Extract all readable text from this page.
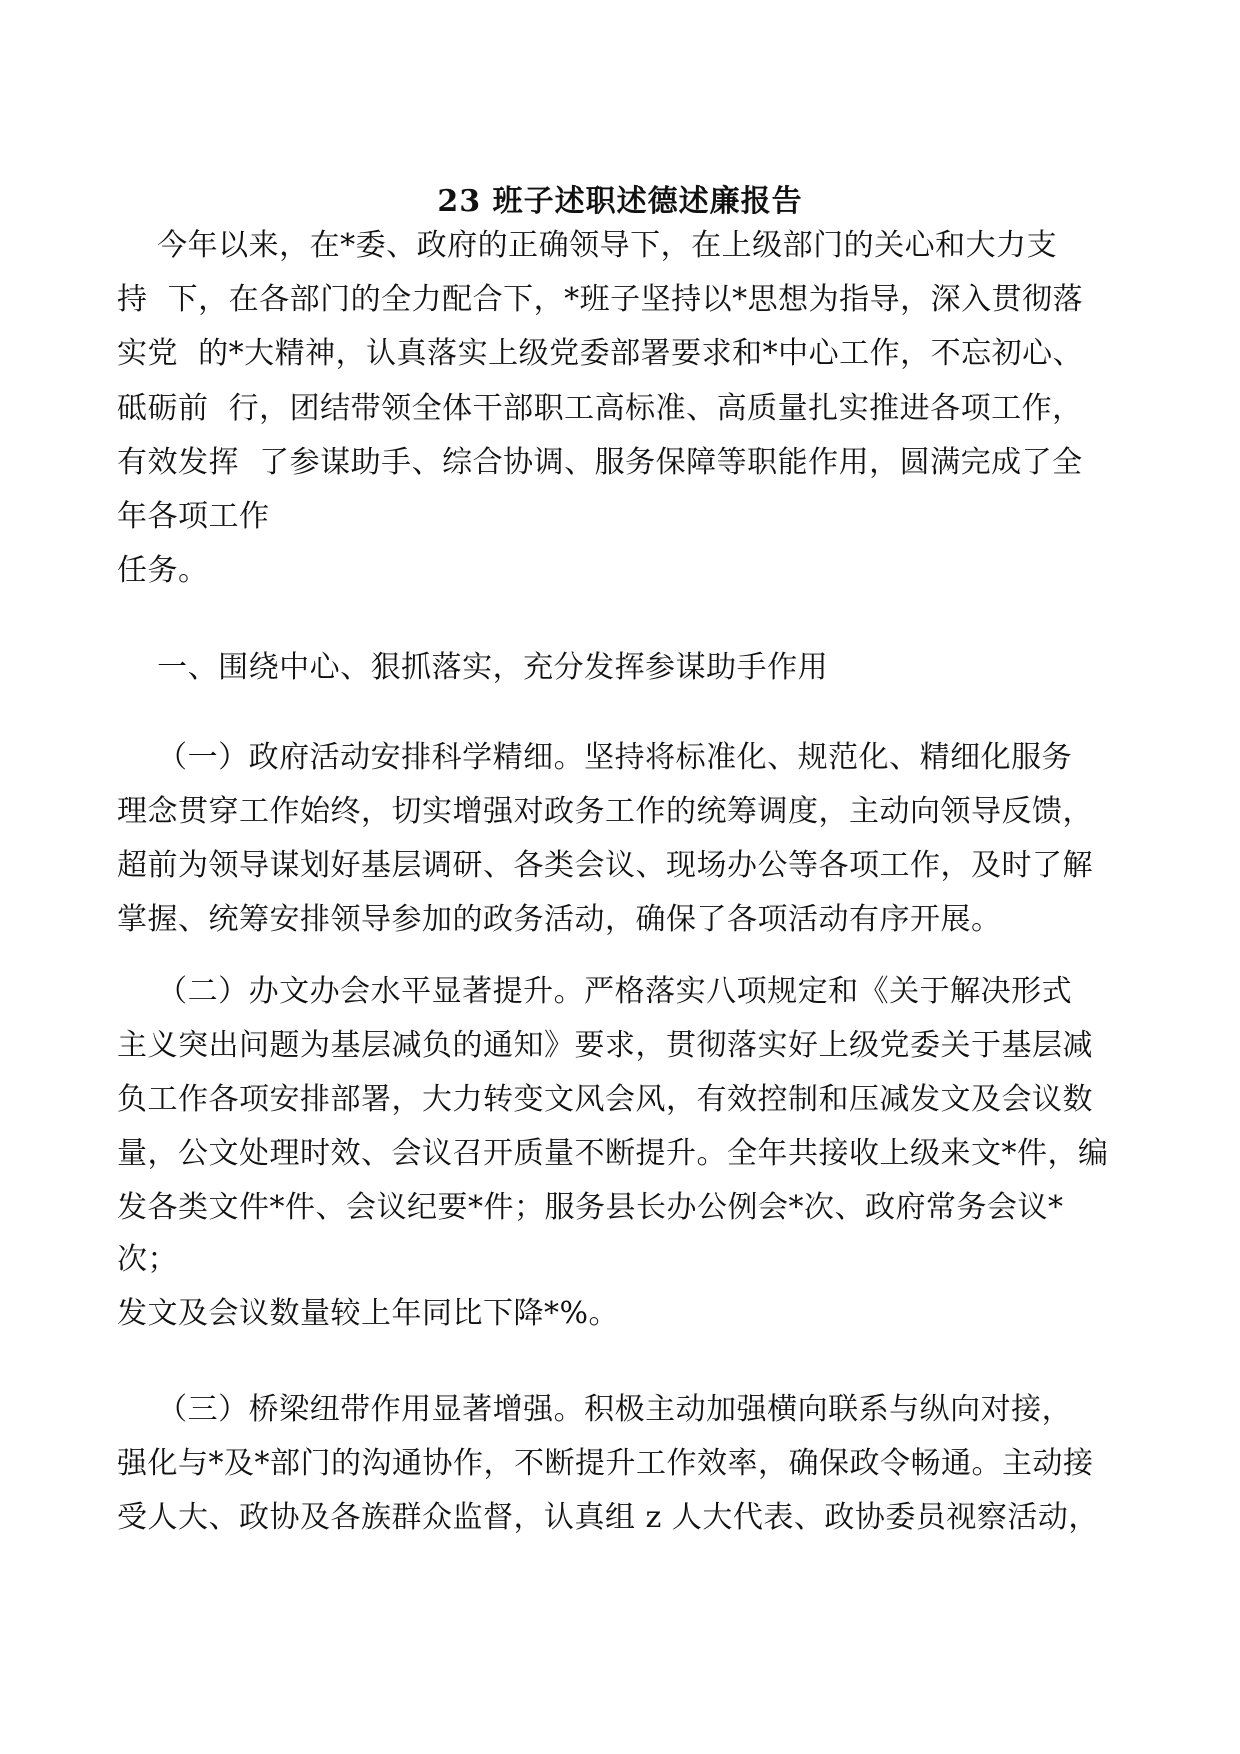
23 班子述职述德述廉报告
今年以来，在*委、政府的正确领导下，在上级部门的关心和大力支
持  下，在各部门的全力配合下，*班子坚持以*思想为指导，深入贯彻落
实党  的*大精神，认真落实上级党委部署要求和*中心工作，不忘初心、
砥砺前  行，团结带领全体干部职工高标准、高质量扎实推进各项工作，
有效发挥  了参谋助手、综合协调、服务保障等职能作用，圆满完成了全
年各项工作
任务。
一、围绕中心、狠抓落实，充分发挥参谋助手作用
（一）政府活动安排科学精细。坚持将标准化、规范化、精细化服务
理念贯穿工作始终，切实增强对政务工作的统筹调度，主动向领导反馈，
超前为领导谋划好基层调研、各类会议、现场办公等各项工作，及时了解
掌握、统筹安排领导参加的政务活动，确保了各项活动有序开展。
（二）办文办会水平显著提升。严格落实八项规定和《关于解决形式
主义突出问题为基层减负的通知》要求，贯彻落实好上级党委关于基层减
负工作各项安排部署，大力转变文风会风，有效控制和压减发文及会议数
量，公文处理时效、会议召开质量不断提升。全年共接收上级来文*件，编
发各类文件*件、会议纪要*件；服务县长办公例会*次、政府常务会议*
次；
发文及会议数量较上年同比下降*%。
（三）桥梁纽带作用显著增强。积极主动加强横向联系与纵向对接，
强化与*及*部门的沟通协作，不断提升工作效率，确保政令畅通。主动接
受人大、政协及各族群众监督，认真组 z 人大代表、政协委员视察活动，
